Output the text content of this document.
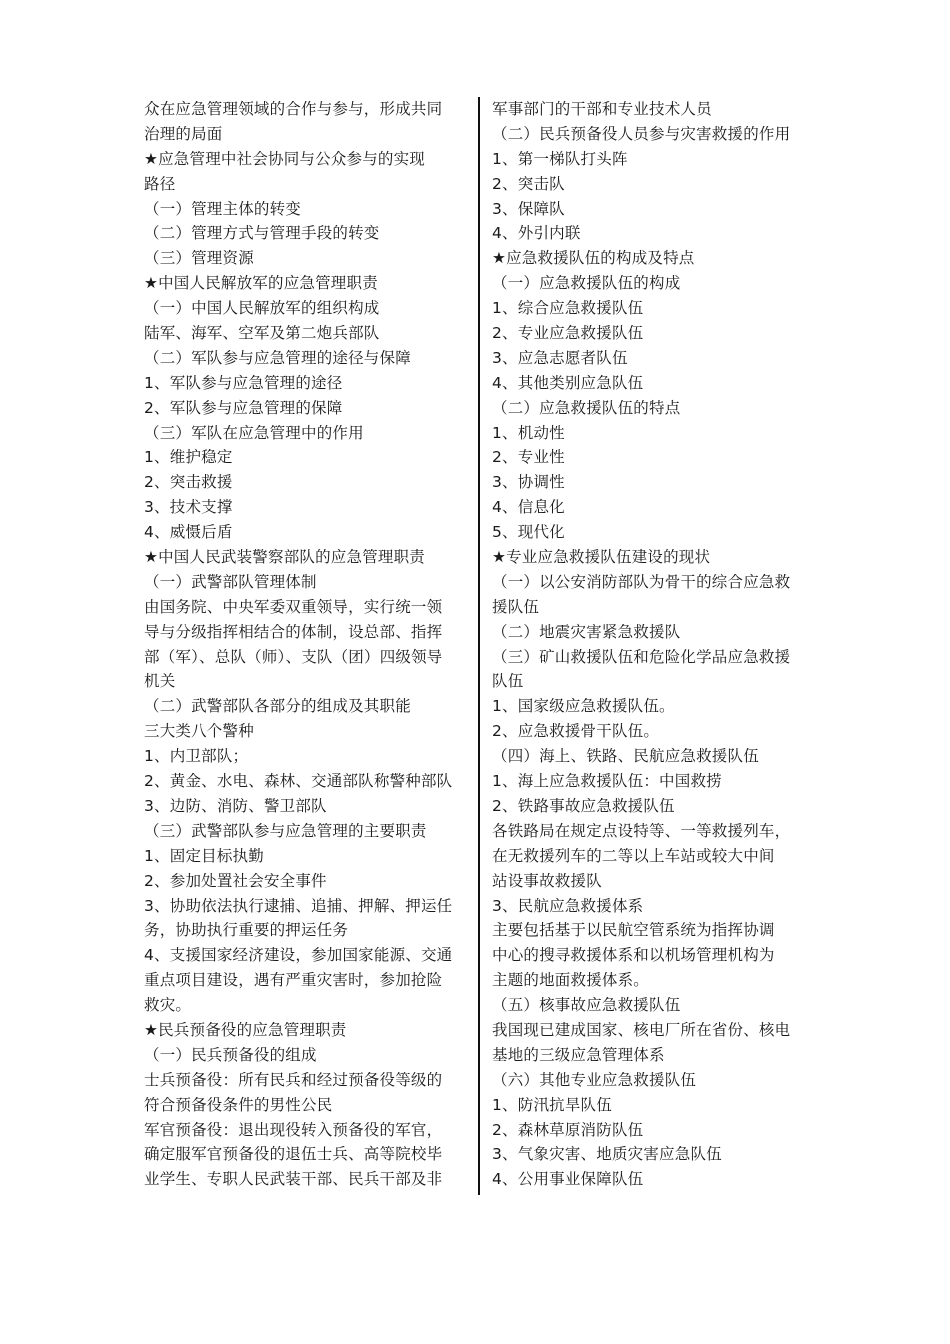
众在应急管理领域的合作与参与，形成共同
治理的局面
★应急管理中社会协同与公众参与的实现
路径
（一）管理主体的转变
（二）管理方式与管理手段的转变
（三）管理资源
★中国人民解放军的应急管理职责
（一）中国人民解放军的组织构成
陆军、海军、空军及第二炮兵部队
（二）军队参与应急管理的途径与保障
1、军队参与应急管理的途径
2、军队参与应急管理的保障
（三）军队在应急管理中的作用
1、维护稳定
2、突击救援
3、技术支撑
4、威慑后盾
★中国人民武装警察部队的应急管理职责
（一）武警部队管理体制
由国务院、中央军委双重领导，实行统一领
导与分级指挥相结合的体制，设总部、指挥
部（军）、总队（师）、支队（团）四级领导
机关
（二）武警部队各部分的组成及其职能
三大类八个警种
1、内卫部队；
2、黄金、水电、森林、交通部队称警种部队
3、边防、消防、警卫部队
（三）武警部队参与应急管理的主要职责
1、固定目标执勤
2、参加处置社会安全事件
3、协助依法执行逮捕、追捕、押解、押运任
务，协助执行重要的押运任务
4、支援国家经济建设，参加国家能源、交通
重点项目建设，遇有严重灾害时，参加抢险
救灾。
★民兵预备役的应急管理职责
（一）民兵预备役的组成
士兵预备役：所有民兵和经过预备役等级的
符合预备役条件的男性公民
军官预备役：退出现役转入预备役的军官，
确定服军官预备役的退伍士兵、高等院校毕
业学生、专职人民武装干部、民兵干部及非
军事部门的干部和专业技术人员
（二）民兵预备役人员参与灾害救援的作用
1、第一梯队打头阵
2、突击队
3、保障队
4、外引内联
★应急救援队伍的构成及特点
（一）应急救援队伍的构成
1、综合应急救援队伍
2、专业应急救援队伍
3、应急志愿者队伍
4、其他类别应急队伍
（二）应急救援队伍的特点
1、机动性
2、专业性
3、协调性
4、信息化
5、现代化
★专业应急救援队伍建设的现状
（一）以公安消防部队为骨干的综合应急救
援队伍
（二）地震灾害紧急救援队
（三）矿山救援队伍和危险化学品应急救援
队伍
1、国家级应急救援队伍。
2、应急救援骨干队伍。
（四）海上、铁路、民航应急救援队伍
1、海上应急救援队伍：中国救捞
2、铁路事故应急救援队伍
各铁路局在规定点设特等、一等救援列车，
在无救援列车的二等以上车站或较大中间
站设事故救援队
3、民航应急救援体系
主要包括基于以民航空管系统为指挥协调
中心的搜寻救援体系和以机场管理机构为
主题的地面救援体系。
（五）核事故应急救援队伍
我国现已建成国家、核电厂所在省份、核电
基地的三级应急管理体系
（六）其他专业应急救援队伍
1、防汛抗旱队伍
2、森林草原消防队伍
3、气象灾害、地质灾害应急队伍
4、公用事业保障队伍
